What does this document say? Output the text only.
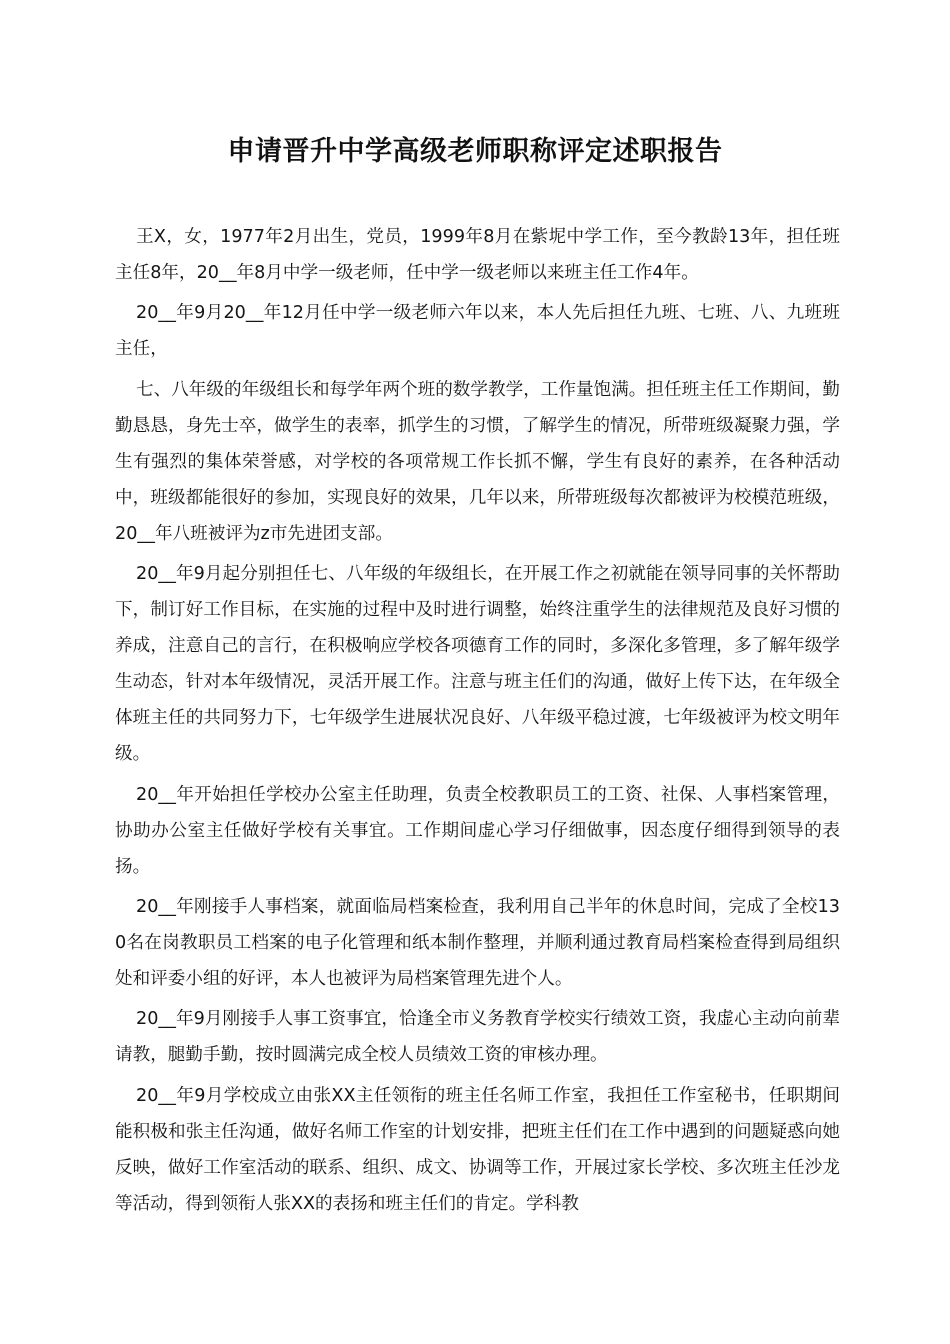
申请晋升中学高级老师职称评定述职报告

王X，女，1977年2月出生，党员，1999年8月在紫坭中学工作，至今教龄13年，担任班主任8年，20__年8月中学一级老师，任中学一级老师以来班主任工作4年。

20__年9月20__年12月任中学一级老师六年以来，本人先后担任九班、七班、八、九班班主任，

七、八年级的年级组长和每学年两个班的数学教学，工作量饱满。担任班主任工作期间，勤勤恳恳，身先士卒，做学生的表率，抓学生的习惯，了解学生的情况，所带班级凝聚力强，学生有强烈的集体荣誉感，对学校的各项常规工作长抓不懈，学生有良好的素养，在各种活动中，班级都能很好的参加，实现良好的效果，几年以来，所带班级每次都被评为校模范班级，20__年八班被评为z市先进团支部。

20__年9月起分别担任七、八年级的年级组长，在开展工作之初就能在领导同事的关怀帮助下，制订好工作目标，在实施的过程中及时进行调整，始终注重学生的法律规范及良好习惯的养成，注意自己的言行，在积极响应学校各项德育工作的同时，多深化多管理，多了解年级学生动态，针对本年级情况，灵活开展工作。注意与班主任们的沟通，做好上传下达，在年级全体班主任的共同努力下，七年级学生进展状况良好、八年级平稳过渡，七年级被评为校文明年级。

20__年开始担任学校办公室主任助理，负责全校教职员工的工资、社保、人事档案管理，协助办公室主任做好学校有关事宜。工作期间虚心学习仔细做事，因态度仔细得到领导的表扬。

20__年刚接手人事档案，就面临局档案检查，我利用自己半年的休息时间，完成了全校130名在岗教职员工档案的电子化管理和纸本制作整理，并顺利通过教育局档案检查得到局组织处和评委小组的好评，本人也被评为局档案管理先进个人。

20__年9月刚接手人事工资事宜，恰逢全市义务教育学校实行绩效工资，我虚心主动向前辈请教，腿勤手勤，按时圆满完成全校人员绩效工资的审核办理。

20__年9月学校成立由张XX主任领衔的班主任名师工作室，我担任工作室秘书，任职期间能积极和张主任沟通，做好名师工作室的计划安排，把班主任们在工作中遇到的问题疑惑向她反映，做好工作室活动的联系、组织、成文、协调等工作，开展过家长学校、多次班主任沙龙等活动，得到领衔人张XX的表扬和班主任们的肯定。学科教
